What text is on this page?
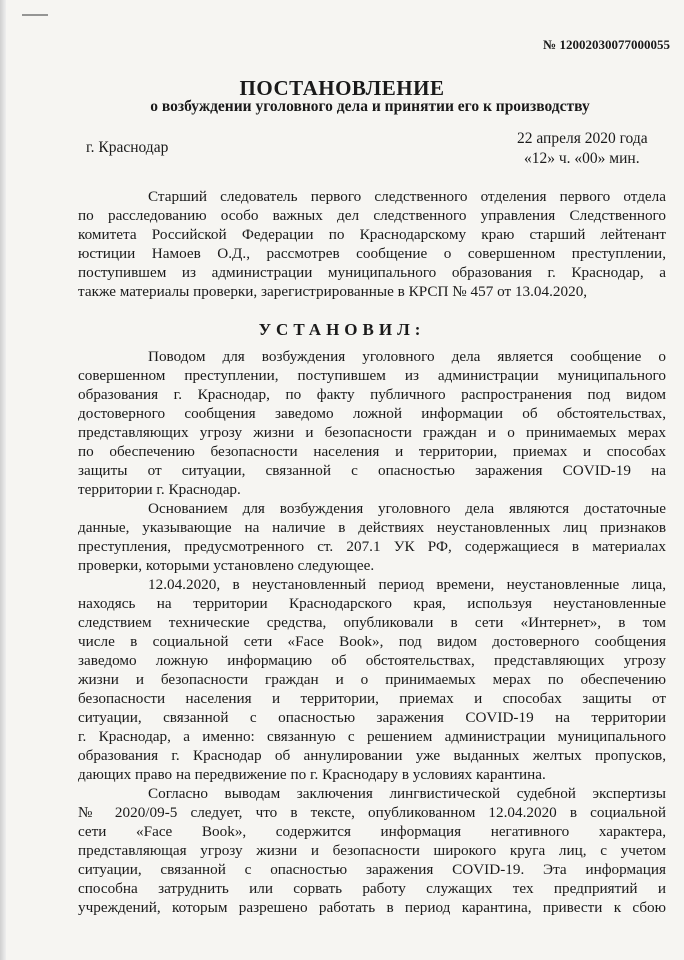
№ 12002030077000055
ПОСТАНОВЛЕНИЕ
о возбуждении уголовного дела и принятии его к производству
г. Краснодар
22 апреля 2020 года
«12» ч. «00» мин.
Старший следователь первого следственного отделения первого отдела
по расследованию особо важных дел следственного управления Следственного
комитета Российской Федерации по Краснодарскому краю старший лейтенант
юстиции Намоев О.Д., рассмотрев сообщение о совершенном преступлении,
поступившем из администрации муниципального образования г. Краснодар, а
также материалы проверки, зарегистрированные в КРСП № 457 от 13.04.2020,
УСТАНОВИЛ:
Поводом для возбуждения уголовного дела является сообщение о
совершенном преступлении, поступившем из администрации муниципального
образования г. Краснодар, по факту публичного распространения под видом
достоверного сообщения заведомо ложной информации об обстоятельствах,
представляющих угрозу жизни и безопасности граждан и о принимаемых мерах
по обеспечению безопасности населения и территории, приемах и способах
защиты от ситуации, связанной с опасностью заражения COVID-19 на
территории г. Краснодар.
Основанием для возбуждения уголовного дела являются достаточные
данные, указывающие на наличие в действиях неустановленных лиц признаков
преступления, предусмотренного ст. 207.1 УК РФ, содержащиеся в материалах
проверки, которыми установлено следующее.
12.04.2020, в неустановленный период времени, неустановленные лица,
находясь на территории Краснодарского края, используя неустановленные
следствием технические средства, опубликовали в сети «Интернет», в том
числе в социальной сети «Face Book», под видом достоверного сообщения
заведомо ложную информацию об обстоятельствах, представляющих угрозу
жизни и безопасности граждан и о принимаемых мерах по обеспечению
безопасности населения и территории, приемах и способах защиты от
ситуации, связанной с опасностью заражения COVID-19 на территории
г. Краснодар, а именно: связанную с решением администрации муниципального
образования г. Краснодар об аннулировании уже выданных желтых пропусков,
дающих право на передвижение по г. Краснодару в условиях карантина.
Согласно выводам заключения лингвистической судебной экспертизы
№ 2020/09-5 следует, что в тексте, опубликованном 12.04.2020 в социальной
сети «Face Book», содержится информация негативного характера,
представляющая угрозу жизни и безопасности широкого круга лиц, с учетом
ситуации, связанной с опасностью заражения COVID-19. Эта информация
способна затруднить или сорвать работу служащих тех предприятий и
учреждений, которым разрешено работать в период карантина, привести к сбою
